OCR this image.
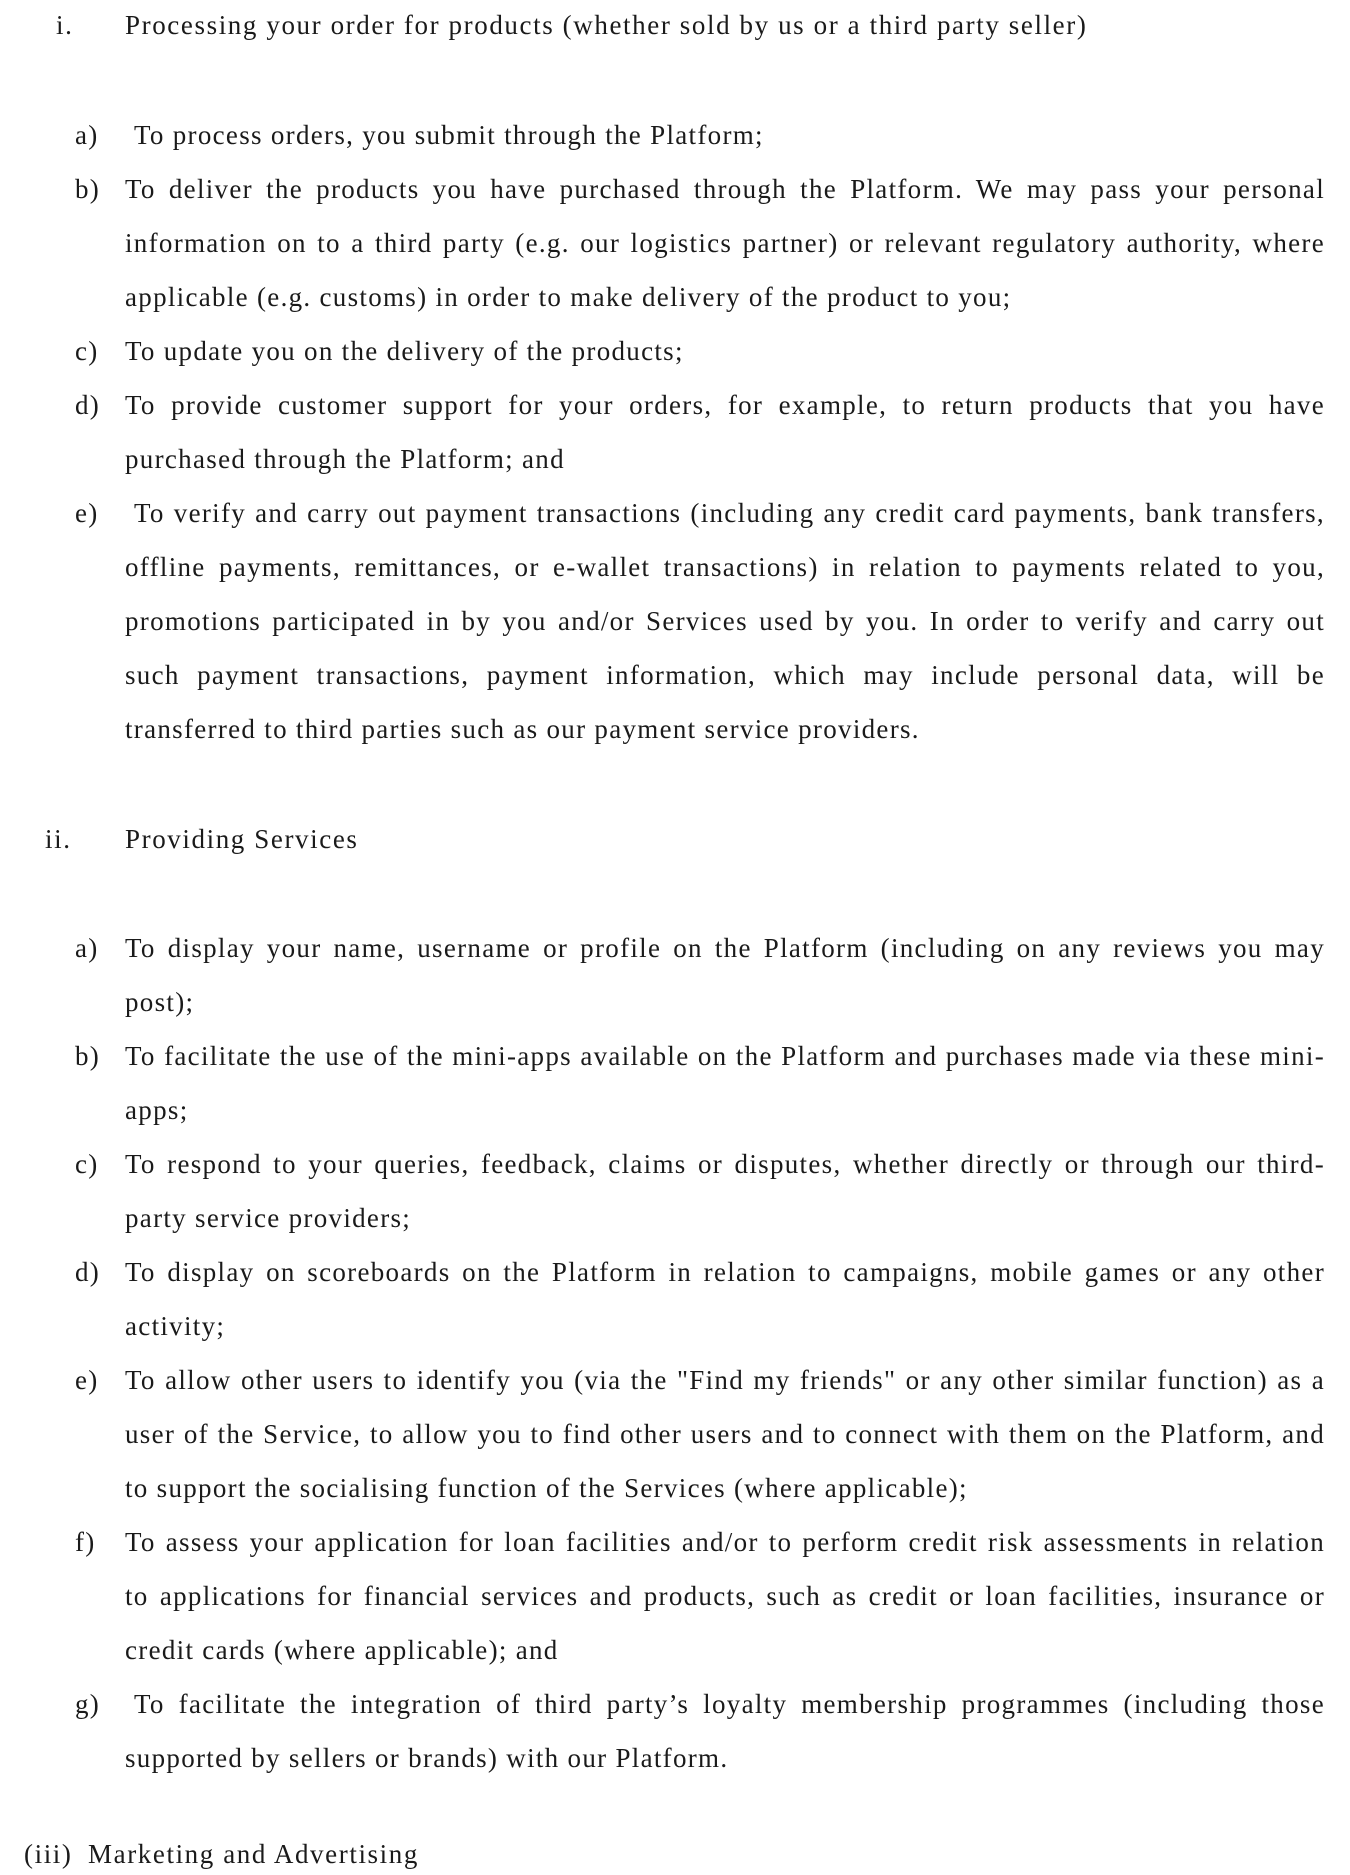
i. Processing your order for products (whether sold by us or a third party seller)
a)	To process orders, you submit through the Platform;
b) To deliver the products you have purchased through the Platform. We may pass your personal information on to a third party (e.g. our logistics partner) or relevant regulatory authority, where applicable (e.g. customs) in order to make delivery of the product to you;
c) To update you on the delivery of the products;
d) To provide customer support for your orders, for example, to return products that you have purchased through the Platform; and
e)	To verify and carry out payment transactions (including any credit card payments, bank transfers, offline payments, remittances, or e-wallet transactions) in relation to payments related to you, promotions participated in by you and/or Services used by you. In order to verify and carry out such payment transactions, payment information, which may include personal data, will be transferred to third parties such as our payment service providers.
ii. Providing Services
a) To display your name, username or profile on the Platform (including on any reviews you may post);
b) To facilitate the use of the mini-apps available on the Platform and purchases made via these mini-apps;
c) To respond to your queries, feedback, claims or disputes, whether directly or through our third-party service providers;
d) To display on scoreboards on the Platform in relation to campaigns, mobile games or any other activity;
e) To allow other users to identify you (via the "Find my friends" or any other similar function) as a user of the Service, to allow you to find other users and to connect with them on the Platform, and to support the socialising function of the Services (where applicable);
f) To assess your application for loan facilities and/or to perform credit risk assessments in relation to applications for financial services and products, such as credit or loan facilities, insurance or credit cards (where applicable); and
g)	To facilitate the integration of third party’s loyalty membership programmes (including those supported by sellers or brands) with our Platform.
(iii) Marketing and Advertising
